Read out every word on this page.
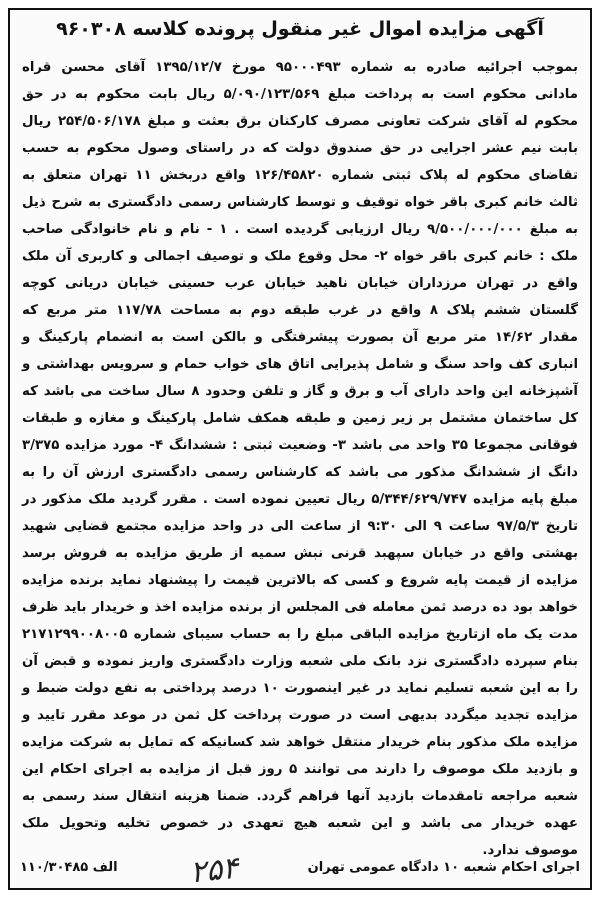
آگهی مزایده اموال غیر منقول پرونده کلاسه ۹۶۰۳۰۸
بموجب اجرائیه صادره به شماره ۹۵۰۰۰۴۹۳ مورخ ۱۳۹۵/۱۲/۷ آقای محسن قراه مادانی محکوم است به پرداخت مبلغ ۵/۰۹۰/۱۲۳/۵۶۹ ریال بابت محکوم به در حق محکوم له آقای شرکت تعاونی مصرف کارکنان برق بعثت و مبلغ ۲۵۴/۵۰۶/۱۷۸ ریال بابت نیم عشر اجرایی در حق صندوق دولت که در راستای وصول محکوم به حسب تقاضای محکوم له پلاک ثبتی شماره ۱۲۶/۴۵۸۲۰ واقع دربخش ۱۱ تهران متعلق به ثالث خانم کبری باقر خواه توقیف و توسط کارشناس رسمی دادگستری به شرح ذیل به مبلغ ۹/۵۰۰/۰۰۰/۰۰۰ ریال ارزیابی گردیده است . ۱ - نام و نام خانوادگی صاحب ملک : خانم کبری باقر خواه ۲- محل وقوع ملک و توصیف اجمالی و کاربری آن ملک واقع در تهران مرزداران خیابان ناهید خیابان عرب حسینی خیابان دریانی کوچه گلستان ششم پلاک ۸ واقع در غرب طبقه دوم به مساحت ۱۱۷/۷۸ متر مربع که مقدار ۱۴/۶۲ متر مربع آن بصورت پیشرفتگی و بالکن است به انضمام پارکینگ و انباری کف واحد سنگ و شامل پذیرایی اتاق های خواب حمام و سرویس بهداشتی و آشپزخانه این واحد دارای آب و برق و گاز و تلفن وحدود ۸ سال ساخت می باشد که کل ساختمان مشتمل بر زیر زمین و طبقه همکف شامل پارکینگ و مغازه و طبقات فوقانی مجموعا ۳۵ واحد می باشد ۳- وضعیت ثبتی : ششدانگ ۴- مورد مزایده ۳/۳۷۵ دانگ از ششدانگ مذکور می باشد که کارشناس رسمی دادگستری ارزش آن را به مبلغ پایه مزایده ۵/۳۴۴/۶۲۹/۷۴۷ ریال تعیین نموده است . مقرر گردید ملک مذکور در تاریخ ۹۷/۵/۳ ساعت ۹ الی ۹:۳۰ از ساعت الی در واحد مزایده مجتمع قضایی شهید بهشتی واقع در خیابان سپهبد قرنی نبش سمیه از طریق مزایده به فروش برسد مزایده از قیمت پایه شروع و کسی که بالاترین قیمت را پیشنهاد نماید برنده مزایده خواهد بود ده درصد ثمن معامله فی المجلس از برنده مزایده اخذ و خریدار باید ظرف مدت یک ماه ازتاریخ مزایده الباقی مبلغ را به حساب سیبای شماره ۲۱۷۱۲۹۹۰۰۸۰۰۵ بنام سپرده دادگستری نزد بانک ملی شعبه وزارت دادگستری واریز نموده و قبض آن را به این شعبه تسلیم نماید در غیر اینصورت ۱۰ درصد پرداختی به نفع دولت ضبط و مزایده تجدید میگردد بدیهی است در صورت پرداخت کل ثمن در موعد مقرر تایید و مزایده ملک مذکور بنام خریدار منتقل خواهد شد کسانیکه که تمایل به شرکت مزایده و بازدید ملک موصوف را دارند می توانند ۵ روز قبل از مزایده به اجرای احکام این شعبه مراجعه تامقدمات بازدید آنها فراهم گردد. ضمنا هزینه انتقال سند رسمی به عهده خریدار می باشد و این شعبه هیچ تعهدی در خصوص تخلیه وتحویل ملک موصوف ندارد.
اجرای احکام شعبه ۱۰ دادگاه عمومی تهران
۱۱۰/۳۰۴۸۵ الف ۲۵۴
